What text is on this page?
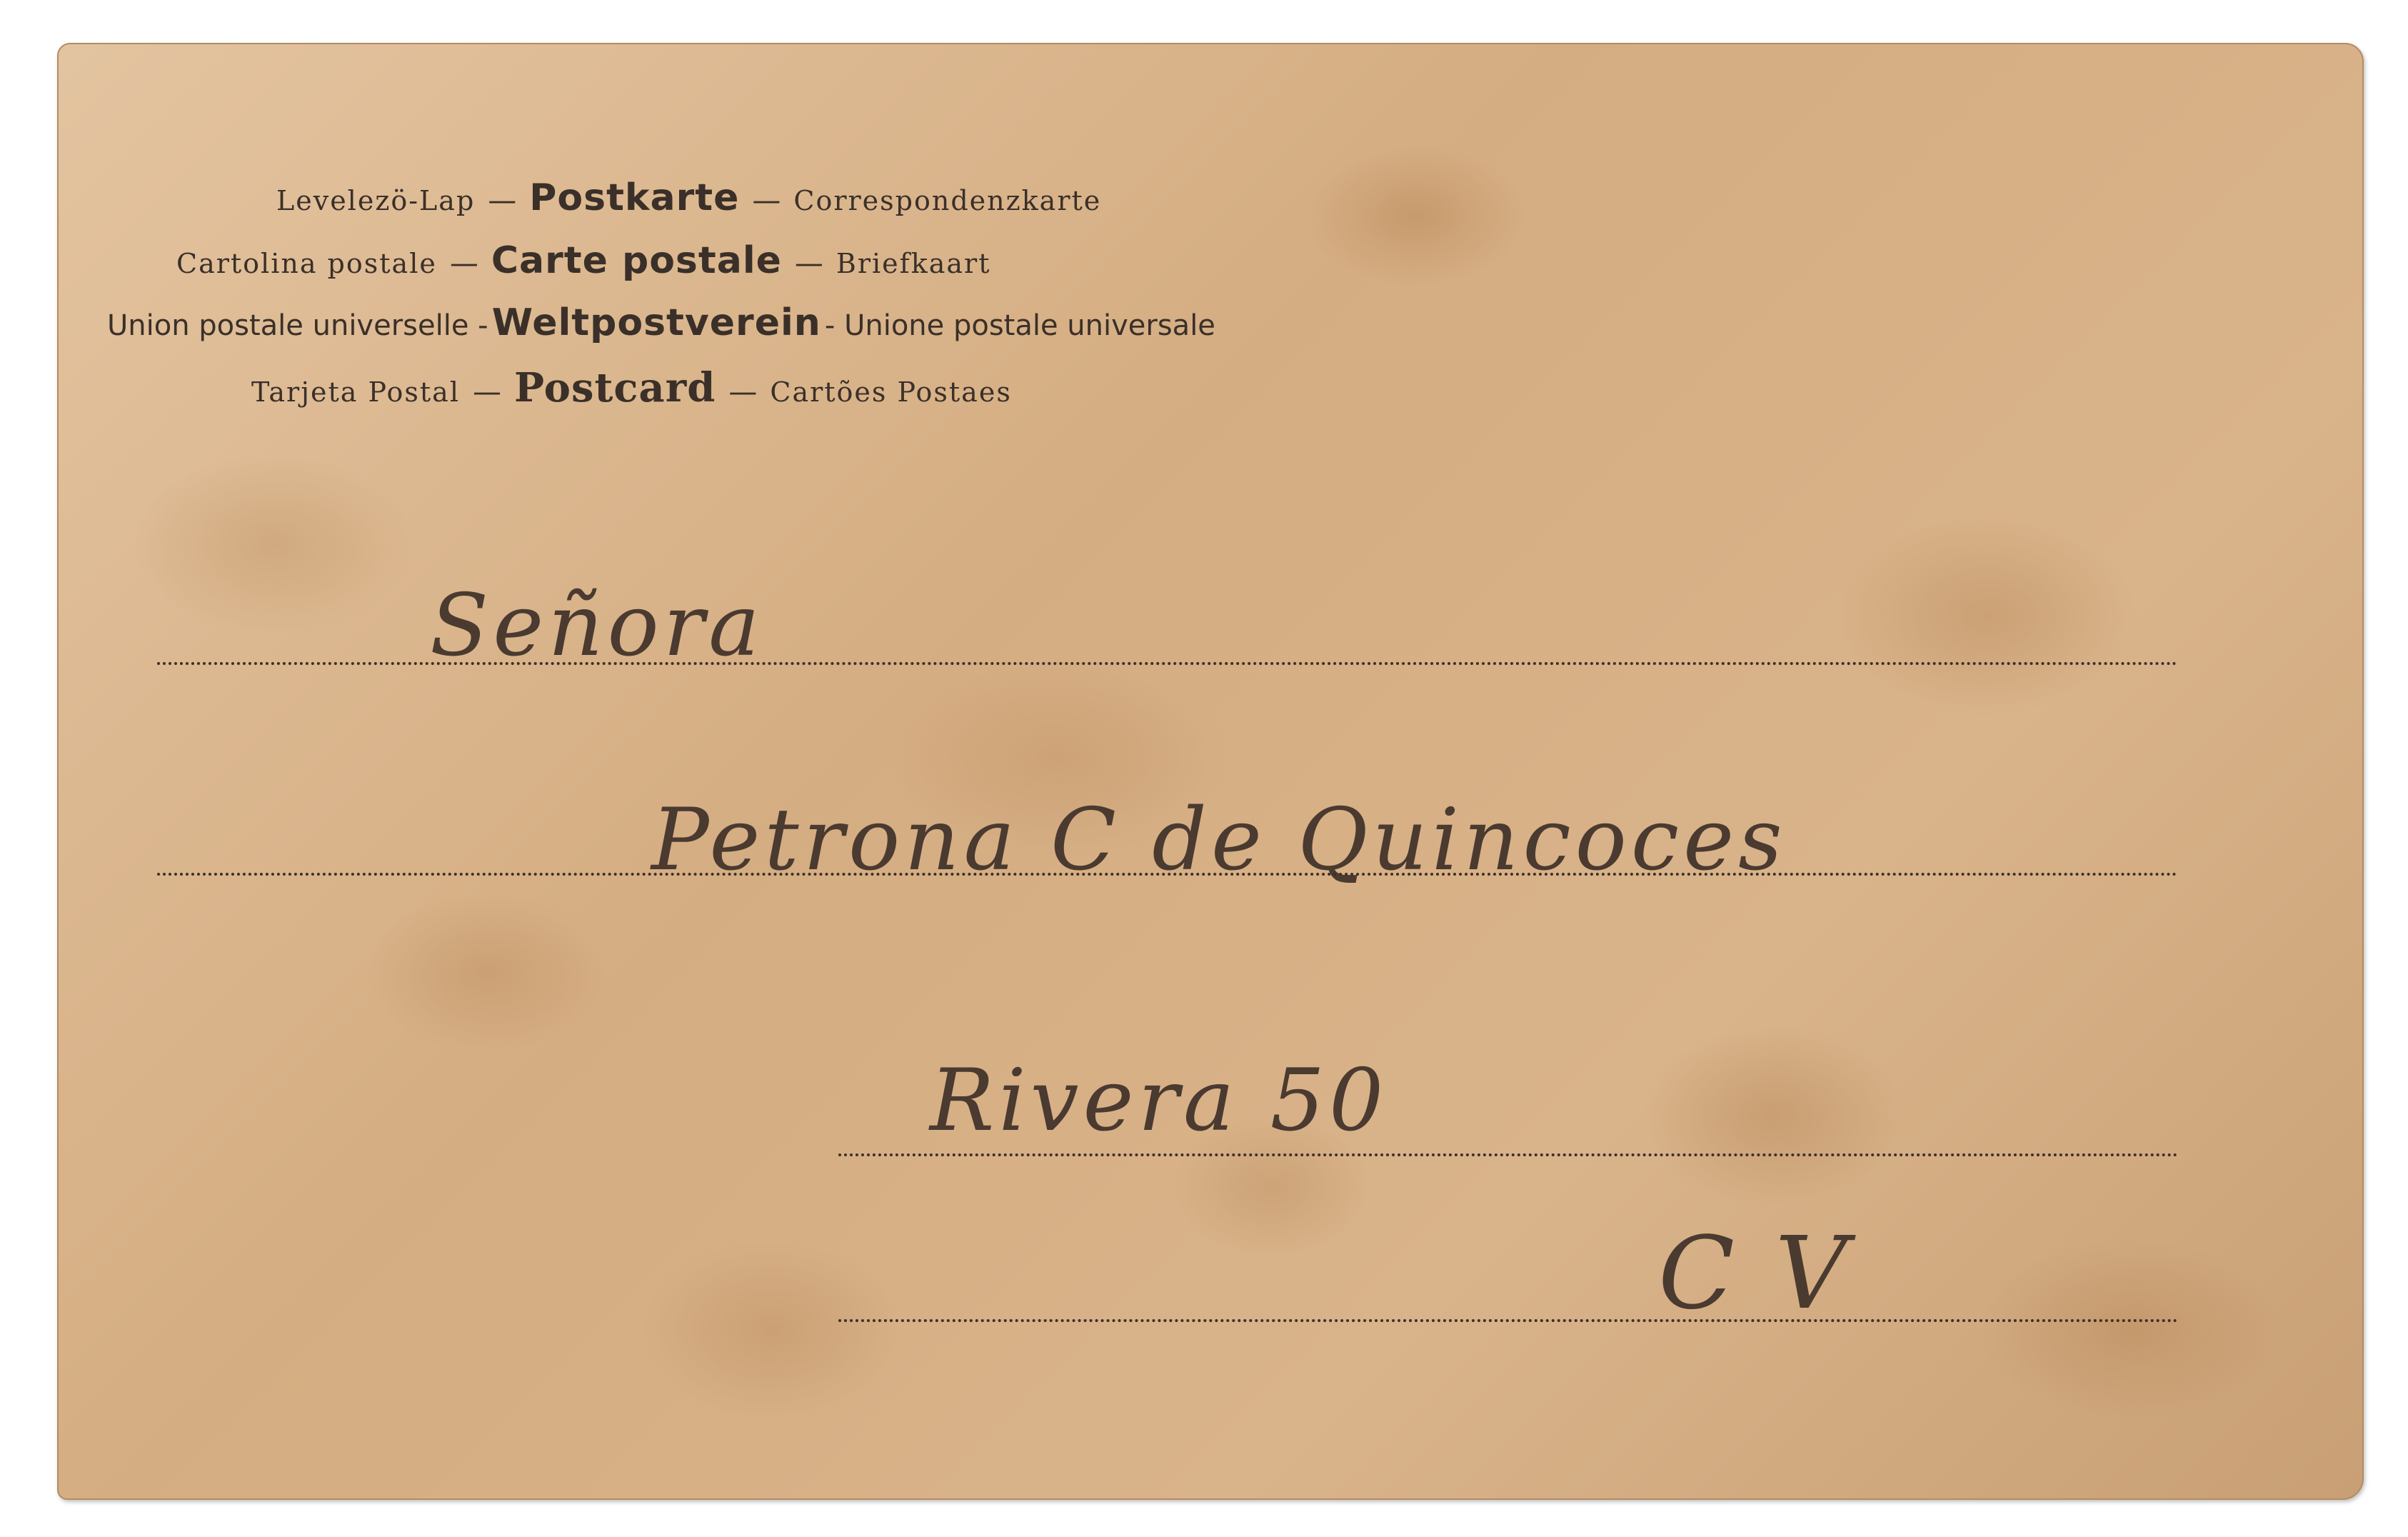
Levelezö-Lap — Postkarte — Correspondenzkarte
Cartolina postale — Carte postale — Briefkaart
Union postale universelle - Weltpostverein - Unione postale universale
Tarjeta Postal — Postcard — Cartões Postaes
Señora
Petrona C de Quincoces
Rivera 50
C V
